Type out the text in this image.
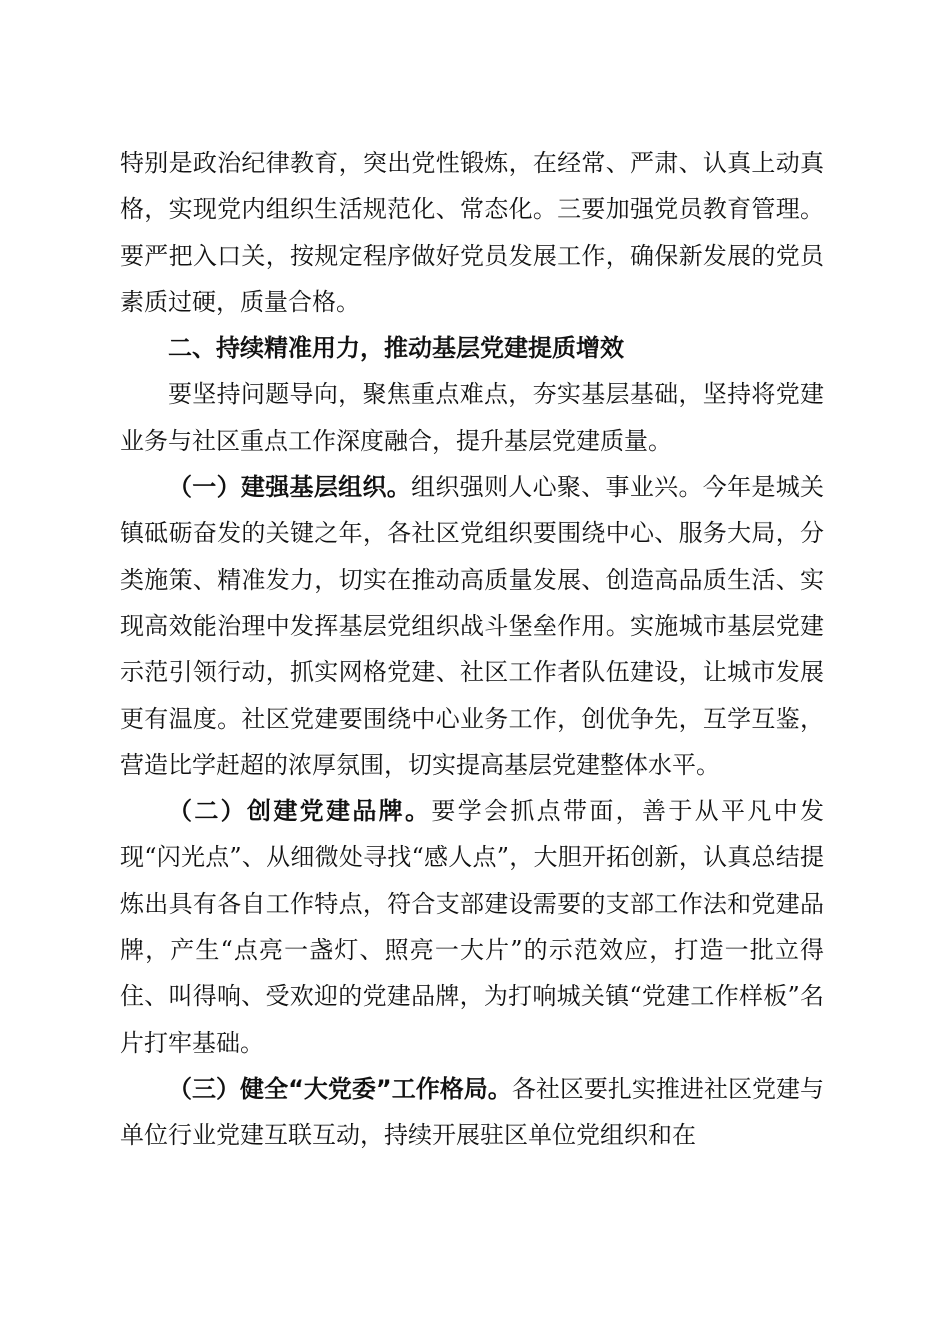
特别是政治纪律教育，突出党性锻炼，在经常、严肃、认真上动真格，实现党内组织生活规范化、常态化。三要加强党员教育管理。要严把入口关，按规定程序做好党员发展工作，确保新发展的党员素质过硬，质量合格。

二、持续精准用力，推动基层党建提质增效

要坚持问题导向，聚焦重点难点，夯实基层基础，坚持将党建业务与社区重点工作深度融合，提升基层党建质量。

（一）建强基层组织。组织强则人心聚、事业兴。今年是城关镇砥砺奋发的关键之年，各社区党组织要围绕中心、服务大局，分类施策、精准发力，切实在推动高质量发展、创造高品质生活、实现高效能治理中发挥基层党组织战斗堡垒作用。实施城市基层党建示范引领行动，抓实网格党建、社区工作者队伍建设，让城市发展更有温度。社区党建要围绕中心业务工作，创优争先，互学互鉴，营造比学赶超的浓厚氛围，切实提高基层党建整体水平。

（二）创建党建品牌。要学会抓点带面，善于从平凡中发现“闪光点”、从细微处寻找“感人点”，大胆开拓创新，认真总结提炼出具有各自工作特点，符合支部建设需要的支部工作法和党建品牌，产生“点亮一盏灯、照亮一大片”的示范效应，打造一批立得住、叫得响、受欢迎的党建品牌，为打响城关镇“党建工作样板”名片打牢基础。

（三）健全“大党委”工作格局。各社区要扎实推进社区党建与单位行业党建互联互动，持续开展驻区单位党组织和在
